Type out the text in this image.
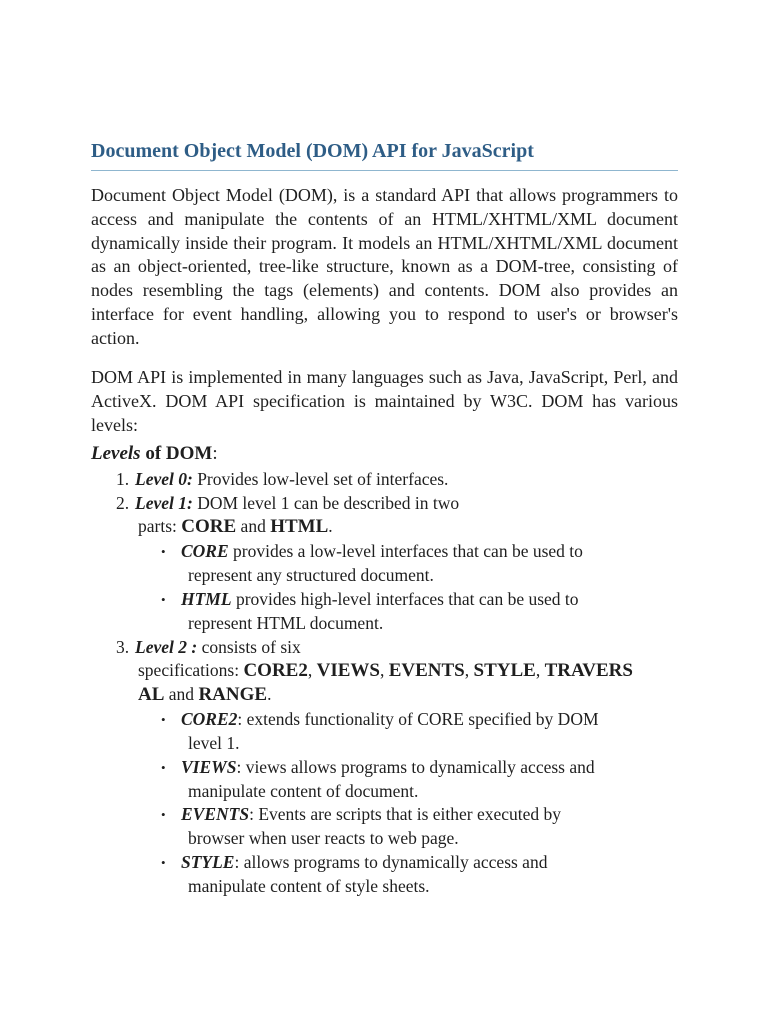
Document Object Model (DOM) API for JavaScript
Document Object Model (DOM), is a standard API that allows programmers to access and manipulate the contents of an HTML/XHTML/XML document dynamically inside their program. It models an HTML/XHTML/XML document as an object-oriented, tree-like structure, known as a DOM-tree, consisting of nodes resembling the tags (elements) and contents. DOM also provides an interface for event handling, allowing you to respond to user's or browser's action.
DOM API is implemented in many languages such as Java, JavaScript, Perl, and ActiveX. DOM API specification is maintained by W3C. DOM has various levels:
Levels of DOM:
1. Level 0: Provides low-level set of interfaces.
2. Level 1: DOM level 1 can be described in two
parts: CORE and HTML.
• CORE provides a low-level interfaces that can be used to
represent any structured document.
• HTML provides high-level interfaces that can be used to
represent HTML document.
3. Level 2 : consists of six
specifications: CORE2, VIEWS, EVENTS, STYLE, TRAVERS
AL and RANGE.
• CORE2: extends functionality of CORE specified by DOM
level 1.
• VIEWS: views allows programs to dynamically access and
manipulate content of document.
• EVENTS: Events are scripts that is either executed by
browser when user reacts to web page.
• STYLE: allows programs to dynamically access and
manipulate content of style sheets.
